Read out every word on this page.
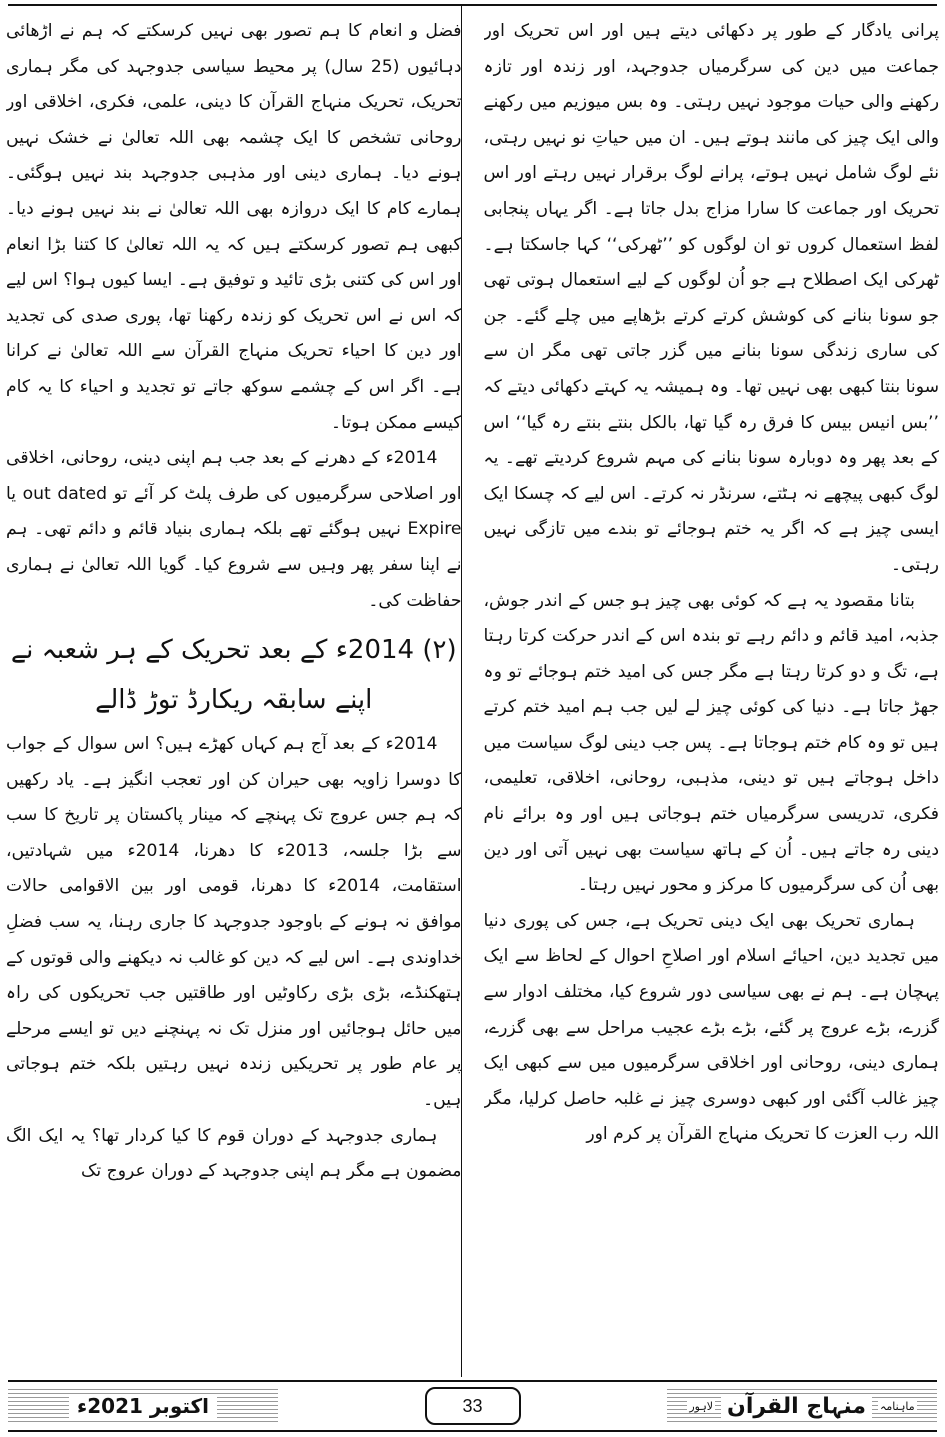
پرانی یادگار کے طور پر دکھائی دیتے ہیں اور اس تحریک اور جماعت میں دین کی سرگرمیاں جدوجہد، اور زندہ اور تازہ رکھنے والی حیات موجود نہیں رہتی۔ وہ بس میوزیم میں رکھنے والی ایک چیز کی مانند ہوتے ہیں۔ ان میں حیاتِ نو نہیں رہتی، نئے لوگ شامل نہیں ہوتے، پرانے لوگ برقرار نہیں رہتے اور اس تحریک اور جماعت کا سارا مزاج بدل جاتا ہے۔ اگر یہاں پنجابی لفظ استعمال کروں تو ان لوگوں کو ’’ٹھرکی‘‘ کہا جاسکتا ہے۔ ٹھرکی ایک اصطلاح ہے جو اُن لوگوں کے لیے استعمال ہوتی تھی جو سونا بنانے کی کوشش کرتے کرتے بڑھاپے میں چلے گئے۔ جن کی ساری زندگی سونا بنانے میں گزر جاتی تھی مگر ان سے سونا بنتا کبھی بھی نہیں تھا۔ وہ ہمیشہ یہ کہتے دکھائی دیتے کہ ’’بس انیس بیس کا فرق رہ گیا تھا، بالکل بنتے بنتے رہ گیا‘‘ اس کے بعد پھر وہ دوبارہ سونا بنانے کی مہم شروع کردیتے تھے۔ یہ لوگ کبھی پیچھے نہ ہٹتے، سرنڈر نہ کرتے۔ اس لیے کہ چسکا ایک ایسی چیز ہے کہ اگر یہ ختم ہوجائے تو بندے میں تازگی نہیں رہتی۔

بتانا مقصود یہ ہے کہ کوئی بھی چیز ہو جس کے اندر جوش، جذبہ، امید قائم و دائم رہے تو بندہ اس کے اندر حرکت کرتا رہتا ہے، تگ و دو کرتا رہتا ہے مگر جس کی امید ختم ہوجائے تو وہ جھڑ جاتا ہے۔ دنیا کی کوئی چیز لے لیں جب ہم امید ختم کرتے ہیں تو وہ کام ختم ہوجاتا ہے۔ پس جب دینی لوگ سیاست میں داخل ہوجاتے ہیں تو دینی، مذہبی، روحانی، اخلاقی، تعلیمی، فکری، تدریسی سرگرمیاں ختم ہوجاتی ہیں اور وہ برائے نام دینی رہ جاتے ہیں۔ اُن کے ہاتھ سیاست بھی نہیں آتی اور دین بھی اُن کی سرگرمیوں کا مرکز و محور نہیں رہتا۔

ہماری تحریک بھی ایک دینی تحریک ہے، جس کی پوری دنیا میں تجدید دین، احیائے اسلام اور اصلاحِ احوال کے لحاظ سے ایک پہچان ہے۔ ہم نے بھی سیاسی دور شروع کیا، مختلف ادوار سے گزرے، بڑے عروج پر گئے، بڑے بڑے عجیب مراحل سے بھی گزرے، ہماری دینی، روحانی اور اخلاقی سرگرمیوں میں سے کبھی ایک چیز غالب آگئی اور کبھی دوسری چیز نے غلبہ حاصل کرلیا، مگر اللہ رب العزت کا تحریک منہاج القرآن پر کرم اور

فضل و انعام کا ہم تصور بھی نہیں کرسکتے کہ ہم نے اڑھائی دہائیوں (25 سال) پر محیط سیاسی جدوجہد کی مگر ہماری تحریک، تحریک منہاج القرآن کا دینی، علمی، فکری، اخلاقی اور روحانی تشخص کا ایک چشمہ بھی اللہ تعالیٰ نے خشک نہیں ہونے دیا۔ ہماری دینی اور مذہبی جدوجہد بند نہیں ہوگئی۔ ہمارے کام کا ایک دروازہ بھی اللہ تعالیٰ نے بند نہیں ہونے دیا۔ کبھی ہم تصور کرسکتے ہیں کہ یہ اللہ تعالیٰ کا کتنا بڑا انعام اور اس کی کتنی بڑی تائید و توفیق ہے۔ ایسا کیوں ہوا؟ اس لیے کہ اس نے اس تحریک کو زندہ رکھنا تھا، پوری صدی کی تجدید اور دین کا احیاء تحریک منہاج القرآن سے اللہ تعالیٰ نے کرانا ہے۔ اگر اس کے چشمے سوکھ جاتے تو تجدید و احیاء کا یہ کام کیسے ممکن ہوتا۔

2014ء کے دھرنے کے بعد جب ہم اپنی دینی، روحانی، اخلاقی اور اصلاحی سرگرمیوں کی طرف پلٹ کر آئے تو out dated یا Expire نہیں ہوگئے تھے بلکہ ہماری بنیاد قائم و دائم تھی۔ ہم نے اپنا سفر پھر وہیں سے شروع کیا۔ گویا اللہ تعالیٰ نے ہماری حفاظت کی۔

(۲) 2014ء کے بعد تحریک کے ہر شعبہ نے اپنے سابقہ ریکارڈ توڑ ڈالے

2014ء کے بعد آج ہم کہاں کھڑے ہیں؟ اس سوال کے جواب کا دوسرا زاویہ بھی حیران کن اور تعجب انگیز ہے۔ یاد رکھیں کہ ہم جس عروج تک پہنچے کہ مینار پاکستان پر تاریخ کا سب سے بڑا جلسہ، 2013ء کا دھرنا، 2014ء میں شہادتیں، استقامت، 2014ء کا دھرنا، قومی اور بین الاقوامی حالات موافق نہ ہونے کے باوجود جدوجہد کا جاری رہنا، یہ سب فضلِ خداوندی ہے۔ اس لیے کہ دین کو غالب نہ دیکھنے والی قوتوں کے ہتھکنڈے، بڑی بڑی رکاوٹیں اور طاقتیں جب تحریکوں کی راہ میں حائل ہوجائیں اور منزل تک نہ پہنچنے دیں تو ایسے مرحلے پر عام طور پر تحریکیں زندہ نہیں رہتیں بلکہ ختم ہوجاتی ہیں۔

ہماری جدوجہد کے دوران قوم کا کیا کردار تھا؟ یہ ایک الگ مضمون ہے مگر ہم اپنی جدوجہد کے دوران عروج تک

اکتوبر 2021ء	33	ماہنامہ
منہاج القرآن
لاہور
